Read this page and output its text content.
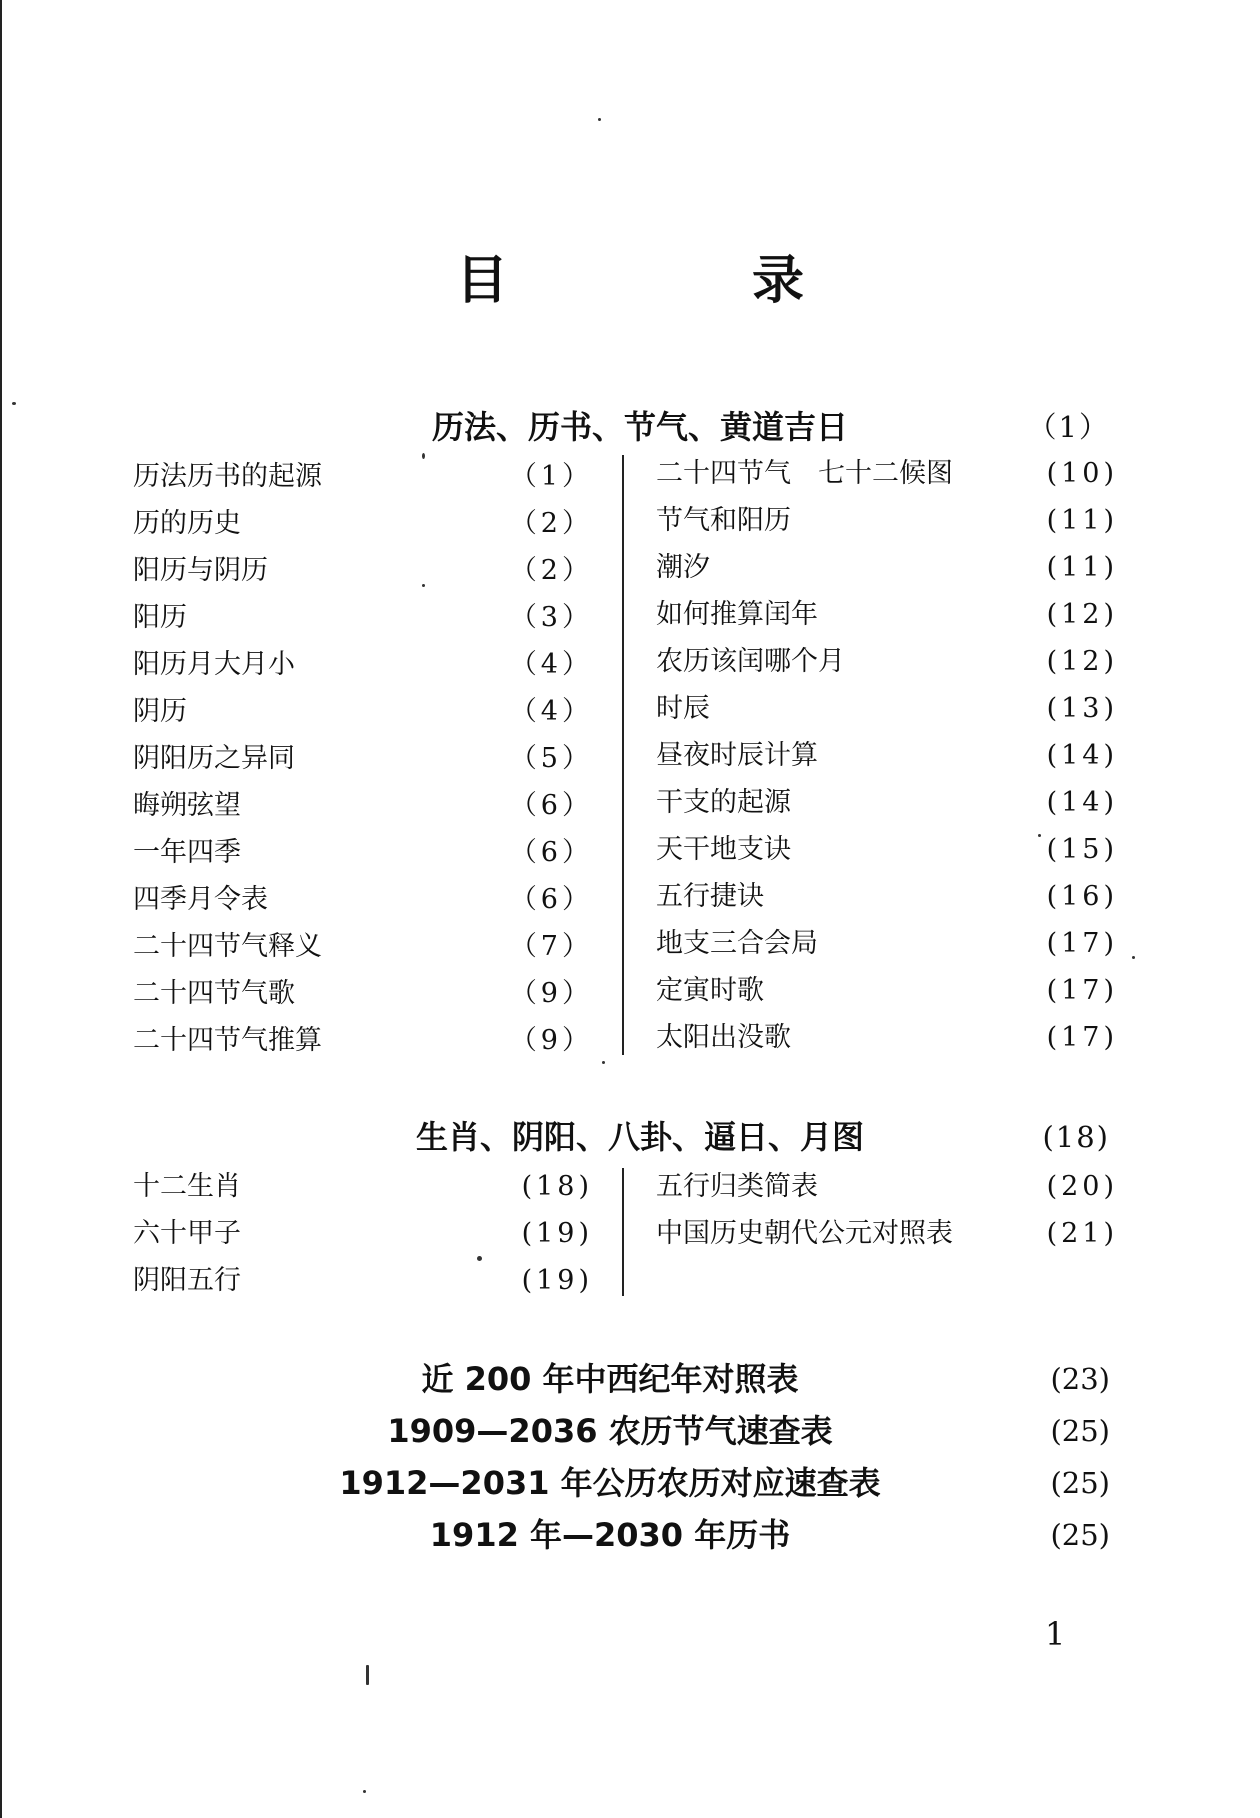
目　录
历法、历书、节气、黄道吉日	（1）
历法历书的起源	（1）
历的历史	（2）
阳历与阴历	（2）
阳历	（3）
阳历月大月小	（4）
阴历	（4）
阴阳历之异同	（5）
晦朔弦望	（6）
一年四季	（6）
四季月令表	（6）
二十四节气释义	（7）
二十四节气歌	（9）
二十四节气推算	（9）
二十四节气　七十二候图	(10)
节气和阳历	(11)
潮汐	(11)
如何推算闰年	(12)
农历该闰哪个月	(12)
时辰	(13)
昼夜时辰计算	(14)
干支的起源	(14)
天干地支诀	(15)
五行捷诀	(16)
地支三合会局	(17)
定寅时歌	(17)
太阳出没歌	(17)
生肖、阴阳、八卦、逼日、月图	(18)
十二生肖	(18)
六十甲子	(19)
阴阳五行	(19)
五行归类简表	(20)
中国历史朝代公元对照表	(21)
近 200 年中西纪年对照表	(23)
1909—2036 农历节气速查表	(25)
1912—2031 年公历农历对应速查表	(25)
1912 年—2030 年历书	(25)
1
